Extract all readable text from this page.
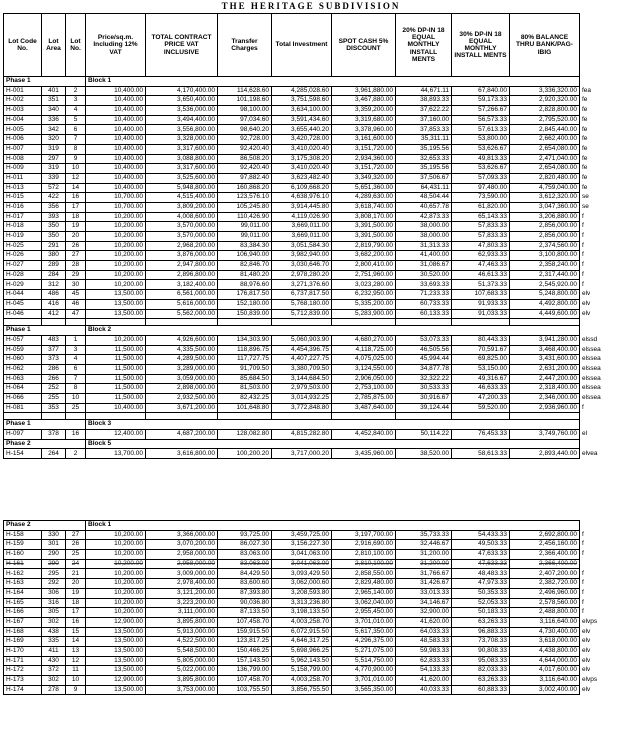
THE HERITAGE SUBDIVISION
Lot Code No.	Lot Area	Lot No.	Price/sq.m. Including 12% VAT	TOTAL CONTRACT PRICE VAT INCLUSIVE	Transfer Charges	Total Investment	SPOT CASH 5% DISCOUNT	20% DP-IN 18 EQUAL MONTHLY INSTALL MENTS	30% DP-IN 18 EQUAL MONTHLY INSTALL MENTS	80% BALANCE THRU BANK/PAG-IBIG	
Phase 1			Block 1								
H-001	401	2	10,400.00	4,170,400.00	114,628.60	4,285,028.60	3,961,880.00	44,671.11	67,840.00	3,336,320.00	fea
H-002	351	3	10,400.00	3,650,400.00	101,198.60	3,751,598.60	3,467,880.00	38,893.33	59,173.33	2,920,320.00	fe
H-003	340	4	10,400.00	3,536,000.00	98,100.00	3,634,100.00	3,359,200.00	37,622.22	57,266.67	2,828,800.00	fe
H-004	336	5	10,400.00	3,494,400.00	97,034.60	3,591,434.60	3,319,680.00	37,160.00	56,573.33	2,795,520.00	fe
H-005	342	6	10,400.00	3,556,800.00	98,640.20	3,655,440.20	3,378,960.00	37,853.33	57,613.33	2,845,440.00	fe
H-006	320	7	10,400.00	3,328,000.00	92,728.00	3,420,728.00	3,161,600.00	35,311.11	53,800.00	2,662,400.00	fe
H-007	319	8	10,400.00	3,317,600.00	92,420.40	3,410,020.40	3,151,720.00	35,195.56	53,626.67	2,654,080.00	fe
H-008	297	9	10,400.00	3,088,800.00	86,508.20	3,175,308.20	2,934,360.00	32,653.33	49,813.33	2,471,040.00	fe
H-009	319	10	10,400.00	3,317,600.00	92,420.40	3,410,020.40	3,151,720.00	35,195.56	53,626.67	2,654,080.00	fe
H-011	339	12	10,400.00	3,525,600.00	97,882.40	3,623,482.40	3,349,320.00	37,506.67	57,093.33	2,820,480.00	fe
H-013	572	14	10,400.00	5,948,800.00	160,868.20	6,109,668.20	5,651,360.00	64,431.11	97,480.00	4,759,040.00	fe
H-015	422	16	10,700.00	4,515,400.00	123,576.10	4,638,976.10	4,289,630.00	48,504.44	73,590.00	3,612,320.00	se
H-016	356	17	10,700.00	3,809,200.00	105,245.80	3,914,445.80	3,618,740.00	40,657.78	61,820.00	3,047,360.00	se
H-017	393	18	10,200.00	4,008,600.00	110,426.90	4,119,026.90	3,808,170.00	42,873.33	65,143.33	3,206,880.00	f
H-018	350	19	10,200.00	3,570,000.00	99,011.00	3,669,011.00	3,391,500.00	38,000.00	57,833.33	2,856,000.00	f
H-019	350	20	10,200.00	3,570,000.00	99,011.00	3,669,011.00	3,391,500.00	38,000.00	57,833.33	2,856,000.00	f
H-025	291	26	10,200.00	2,968,200.00	83,384.30	3,051,584.30	2,819,790.00	31,313.33	47,803.33	2,374,560.00	f
H-026	380	27	10,200.00	3,876,000.00	106,940.00	3,982,940.00	3,682,200.00	41,400.00	62,933.33	3,100,800.00	f
H-027	289	28	10,200.00	2,947,800.00	82,846.70	3,030,646.70	2,800,410.00	31,086.67	47,463.33	2,358,240.00	f
H-028	284	29	10,200.00	2,896,800.00	81,480.20	2,978,280.20	2,751,960.00	30,520.00	46,613.33	2,317,440.00	f
H-029	312	30	10,200.00	3,182,400.00	88,976.60	3,271,376.60	3,023,280.00	33,693.33	51,373.33	2,545,920.00	f
H-044	486	45	13,500.00	6,561,000.00	176,817.50	6,737,817.50	6,232,950.00	71,233.33	107,683.33	5,248,800.00	elv
H-045	416	46	13,500.00	5,616,000.00	152,180.00	5,768,180.00	5,335,200.00	60,733.33	91,933.33	4,492,800.00	elv
H-046	412	47	13,500.00	5,562,000.00	150,839.00	5,712,839.00	5,283,900.00	60,133.33	91,033.33	4,449,600.00	elv

Phase 1			Block 2								
H-057	483	1	10,200.00	4,926,600.00	134,303.90	5,060,903.90	4,680,270.00	53,073.33	80,443.33	3,941,280.00	elssd
H-059	377	3	11,500.00	4,335,500.00	118,896.75	4,454,396.75	4,118,725.00	46,505.56	70,591.67	3,468,400.00	elssea
H-060	373	4	11,500.00	4,289,500.00	117,727.75	4,407,227.75	4,075,025.00	45,994.44	69,825.00	3,431,600.00	elssea
H-062	286	6	11,500.00	3,289,000.00	91,709.50	3,380,709.50	3,124,550.00	34,877.78	53,150.00	2,631,200.00	elssea
H-063	266	7	11,500.00	3,059,000.00	85,684.50	3,144,684.50	2,906,050.00	32,322.22	49,316.67	2,447,200.00	elssea
H-064	252	8	11,500.00	2,898,000.00	81,503.00	2,979,503.00	2,753,100.00	30,533.33	46,633.33	2,318,400.00	elssea
H-066	255	10	11,500.00	2,932,500.00	82,432.25	3,014,932.25	2,785,875.00	30,916.67	47,200.33	2,346,000.00	elssea
H-081	353	25	10,400.00	3,671,200.00	101,648.80	3,772,848.80	3,487,640.00	39,124.44	59,520.00	2,936,960.00	f

Phase 1			Block 3								
H-097	378	16	12,400.00	4,687,200.00	128,082.80	4,815,282.80	4,452,840.00	50,114.22	76,453.33	3,749,760.00	el
Phase 2			Block 5								
H-154	264	2	13,700.00	3,616,800.00	100,200.20	3,717,000.20	3,435,960.00	38,520.00	58,613.33	2,893,440.00	elvea
Phase 2			Block 1								
H-158	330	27	10,200.00	3,366,000.00	93,725.00	3,459,725.00	3,197,700.00	35,733.33	54,433.33	2,692,800.00	f
H-159	301	26	10,200.00	3,070,200.00	86,027.30	3,156,227.30	2,916,690.00	32,446.67	49,503.33	2,456,160.00	f
H-160	290	25	10,200.00	2,958,000.00	83,063.00	3,041,063.00	2,810,100.00	31,200.00	47,633.33	2,366,400.00	f
H-161	290	24	10,200.00	2,958,000.00	83,063.00	3,041,063.00	2,810,100.00	31,200.00	47,633.33	2,366,400.00	
H-162	295	21	10,200.00	3,009,000.00	84,429.50	3,093,429.50	2,858,550.00	31,766.67	48,483.33	2,407,200.00	f
H-163	292	20	10,200.00	2,978,400.00	83,600.60	3,062,000.60	2,829,480.00	31,426.67	47,973.33	2,382,720.00	f
H-164	306	19	10,200.00	3,121,200.00	87,393.80	3,208,593.80	2,965,140.00	33,013.33	50,353.33	2,496,960.00	f
H-165	316	18	10,200.00	3,223,200.00	90,036.80	3,313,236.80	3,062,040.00	34,146.67	52,053.33	2,578,560.00	f
H-166	305	17	10,200.00	3,111,000.00	87,133.50	3,198,133.50	2,955,450.00	32,900.00	50,183.33	2,488,800.00	f
H-167	302	16	12,900.00	3,895,800.00	107,458.70	4,003,258.70	3,701,010.00	41,620.00	63,263.33	3,116,640.00	elvps
H-168	438	15	13,500.00	5,913,000.00	159,915.50	6,072,915.50	5,617,350.00	64,033.33	96,883.33	4,730,400.00	elv
H-169	335	14	13,500.00	4,522,500.00	123,817.25	4,646,317.25	4,296,375.00	48,583.33	73,708.33	3,618,000.00	elv
H-170	411	13	13,500.00	5,548,500.00	150,466.25	5,698,966.25	5,271,075.00	59,983.33	90,808.33	4,438,800.00	elv
H-171	430	12	13,500.00	5,805,000.00	157,143.50	5,962,143.50	5,514,750.00	62,833.33	95,083.33	4,644,000.00	elv
H-172	372	11	13,500.00	5,022,000.00	136,799.00	5,158,799.00	4,770,900.00	54,133.33	82,033.33	4,017,600.00	elv
H-173	302	10	12,900.00	3,895,800.00	107,458.70	4,003,258.70	3,701,010.00	41,620.00	63,263.33	3,116,640.00	elvps
H-174	278	9	13,500.00	3,753,000.00	103,755.50	3,856,755.50	3,565,350.00	40,033.33	60,883.33	3,002,400.00	elv
